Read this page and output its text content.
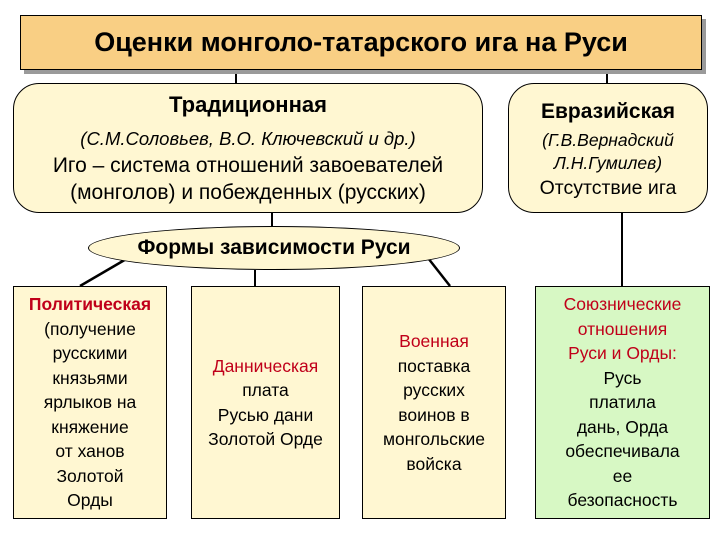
Оценки монголо-татарского ига на Руси
Традиционная
(С.М.Соловьев, В.О. Ключевский и др.)
Иго – система отношений завоевателей
(монголов) и побежденных (русских)
Евразийская
(Г.В.Вернадский
Л.Н.Гумилев)
Отсутствие ига
Формы зависимости Руси
Политическая
(получение
русскими
князьями
ярлыков на
княжение
от ханов
Золотой
Орды
Данническая
плата
Русью дани
Золотой Орде
Военная
поставка
русских
воинов в
монгольские
войска
Союзнические
отношения
Руси и Орды:
Русь
платила
дань, Орда
обеспечивала
ее
безопасность
